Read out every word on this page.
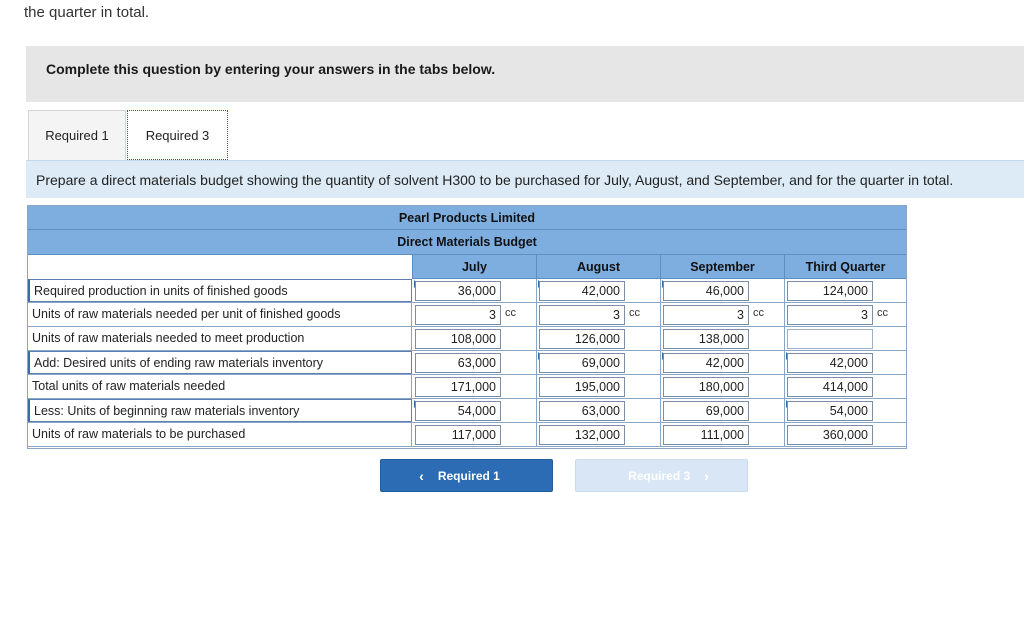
the quarter in total.
Complete this question by entering your answers in the tabs below.
Required 1	Required 3
Prepare a direct materials budget showing the quantity of solvent H300 to be purchased for July, August, and September, and for the quarter in total.
Pearl Products Limited
Direct Materials Budget
July	August	September	Third Quarter
Required production in units of finished goods	36,000	42,000	46,000	124,000
Units of raw materials needed per unit of finished goods	3 cc	3 cc	3 cc	3 cc
Units of raw materials needed to meet production	108,000	126,000	138,000
Add: Desired units of ending raw materials inventory	63,000	69,000	42,000	42,000
Total units of raw materials needed	171,000	195,000	180,000	414,000
Less: Units of beginning raw materials inventory	54,000	63,000	69,000	54,000
Units of raw materials to be purchased	117,000	132,000	111,000	360,000
‹ Required 1	Required 3 ›
